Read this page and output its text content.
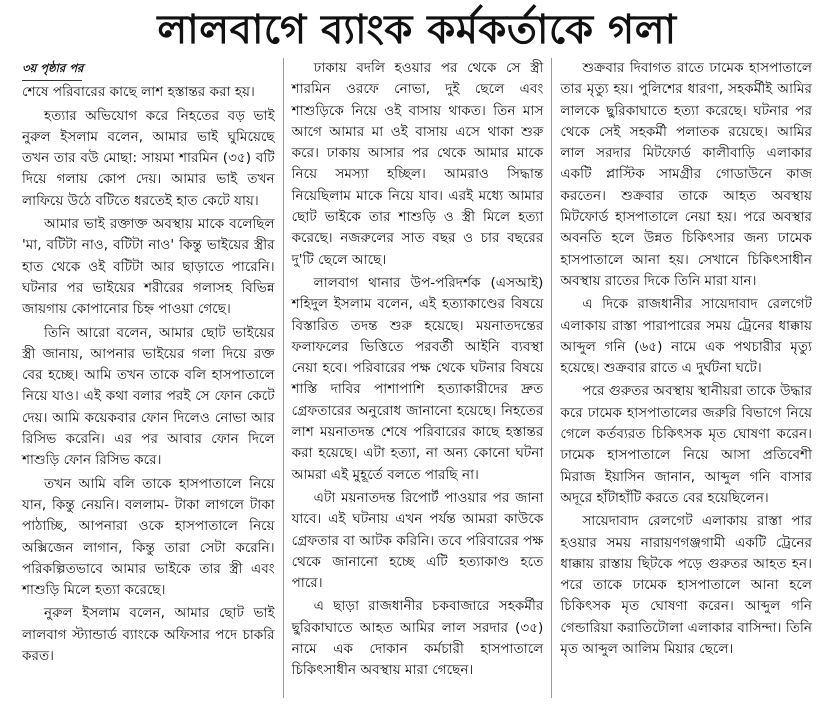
লালবাগে ব্যাংক কর্মকর্তাকে গলা
৩য় পৃষ্ঠার পর

শেষে পরিবারের কাছে লাশ হস্তান্তর করা হয়।

হত্যার অভিযোগ করে নিহতের বড় ভাই নুরুল ইসলাম বলেন, আমার ভাই ঘুমিয়েছে তখন তার বউ মোছা: সায়মা শারমিন (৩৫) বটি দিয়ে গলায় কোপ দেয়। আমার ভাই তখন লাফিয়ে উঠে বটিতে ধরতেই হাত কেটে যায়।

আমার ভাই রক্তাক্ত অবস্থায় মাকে বলেছিল 'মা, বটিটা নাও, বটিটা নাও' কিন্তু ভাইয়ের স্ত্রীর হাত থেকে ওই বটিটা আর ছাড়াতে পারেনি। ঘটনার পর ভাইয়ের শরীরের গলাসহ বিভিন্ন জায়গায় কোপানোর চিহ্ন পাওয়া গেছে।

তিনি আরো বলেন, আমার ছোট ভাইয়ের স্ত্রী জানায়, আপনার ভাইয়ের গলা দিয়ে রক্ত বের হচ্ছে। আমি তখন তাকে বলি হাসপাতালে নিয়ে যাও। এই কথা বলার পরই সে ফোন কেটে দেয়। আমি কয়েকবার ফোন দিলেও নোভা আর রিসিভ করেনি। এর পর আবার ফোন দিলে শাশুড়ি ফোন রিসিভ করে।

তখন আমি বলি তাকে হাসপাতালে নিয়ে যান, কিন্তু নেয়নি। বললাম- টাকা লাগলে টাকা পাঠাচ্ছি, আপনারা ওকে হাসপাতালে নিয়ে অক্সিজেন লাগান, কিন্তু তারা সেটা করেনি। পরিকল্পিতভাবে আমার ভাইকে তার স্ত্রী এবং শাশুড়ি মিলে হত্যা করেছে।

নুরুল ইসলাম বলেন, আমার ছোট ভাই লালবাগ স্ট্যান্ডার্ড ব্যাংকে অফিসার পদে চাকরি করত।

ঢাকায় বদলি হওয়ার পর থেকে সে স্ত্রী শারমিন ওরফে নোভা, দুই ছেলে এবং শাশুড়িকে নিয়ে ওই বাসায় থাকত। তিন মাস আগে আমার মা ওই বাসায় এসে থাকা শুরু করে। ঢাকায় আসার পর থেকে আমার মাকে নিয়ে সমস্যা হচ্ছিল। আমরাও সিদ্ধান্ত নিয়েছিলাম মাকে নিয়ে যাব। এরই মধ্যে আমার ছোট ভাইকে তার শাশুড়ি ও স্ত্রী মিলে হত্যা করেছে। নজরুলের সাত বছর ও চার বছরের দু'টি ছেলে আছে।

লালবাগ থানার উপ-পরিদর্শক (এসআই) শহিদুল ইসলাম বলেন, এই হত্যাকাণ্ডের বিষয়ে বিস্তারিত তদন্ত শুরু হয়েছে। ময়নাতদন্তের ফলাফলের ভিত্তিতে পরবর্তী আইনি ব্যবস্থা নেয়া হবে। পরিবারের পক্ষ থেকে ঘটনার বিষয়ে শাস্তি দাবির পাশাপাশি হত্যাকারীদের দ্রুত গ্রেফতারের অনুরোধ জানানো হয়েছে। নিহতের লাশ ময়নাতদন্ত শেষে পরিবারের কাছে হস্তান্তর করা হয়েছে। এটা হত্যা, না অন্য কোনো ঘটনা আমরা এই মুহূর্তে বলতে পারছি না।

এটা ময়নাতদন্ত রিপোর্ট পাওয়ার পর জানা যাবে। এই ঘটনায় এখন পর্যন্ত আমরা কাউকে গ্রেফতার বা আটক করিনি। তবে পরিবারের পক্ষ থেকে জানানো হচ্ছে এটি হত্যাকাণ্ড হতে পারে।

এ ছাড়া রাজধানীর চকবাজারে সহকর্মীর ছুরিকাঘাতে আহত আমির লাল সরদার (৩৫) নামে এক দোকান কর্মচারী হাসপাতালে চিকিৎসাধীন অবস্থায় মারা গেছেন।

শুক্রবার দিবাগত রাতে ঢামেক হাসপাতালে তার মৃত্যু হয়। পুলিশের ধারণা, সহকর্মীই আমির লালকে ছুরিকাঘাতে হত্যা করেছে। ঘটনার পর থেকে সেই সহকর্মী পলাতক রয়েছে। আমির লাল সরদার মিটফোর্ড কালীবাড়ি এলাকার একটি প্লাস্টিক সামগ্রীর গোডাউনে কাজ করতেন। শুক্রবার তাকে আহত অবস্থায় মিটফোর্ড হাসপাতালে নেয়া হয়। পরে অবস্থার অবনতি হলে উন্নত চিকিৎসার জন্য ঢামেক হাসপাতালে আনা হয়। সেখানে চিকিৎসাধীন অবস্থায় রাতের দিকে তিনি মারা যান।

এ দিকে রাজধানীর সায়েদাবাদ রেলগেট এলাকায় রাস্তা পারাপারের সময় ট্রেনের ধাক্কায় আব্দুল গনি (৬৫) নামে এক পথচারীর মৃত্যু হয়েছে। শুক্রবার রাতে এ দুর্ঘটনা ঘটে।

পরে গুরুতর অবস্থায় স্থানীয়রা তাকে উদ্ধার করে ঢামেক হাসপাতালের জরুরি বিভাগে নিয়ে গেলে কর্তব্যরত চিকিৎসক মৃত ঘোষণা করেন। ঢামেক হাসপাতালে নিয়ে আসা প্রতিবেশী মিরাজ ইয়াসিন জানান, আব্দুল গনি বাসার অদূরে হাঁটাহাঁটি করতে বের হয়েছিলেন।

সায়েদাবাদ রেলগেট এলাকায় রাস্তা পার হওয়ার সময় নারায়ণগঞ্জগামী একটি ট্রেনের ধাক্কায় রাস্তায় ছিটকে পড়ে গুরুতর আহত হন। পরে তাকে ঢামেক হাসপাতালে আনা হলে চিকিৎসক মৃত ঘোষণা করেন। আব্দুল গনি গেন্ডারিয়া করাতিটোলা এলাকার বাসিন্দা। তিনি মৃত আব্দুল আলিম মিয়ার ছেলে।
